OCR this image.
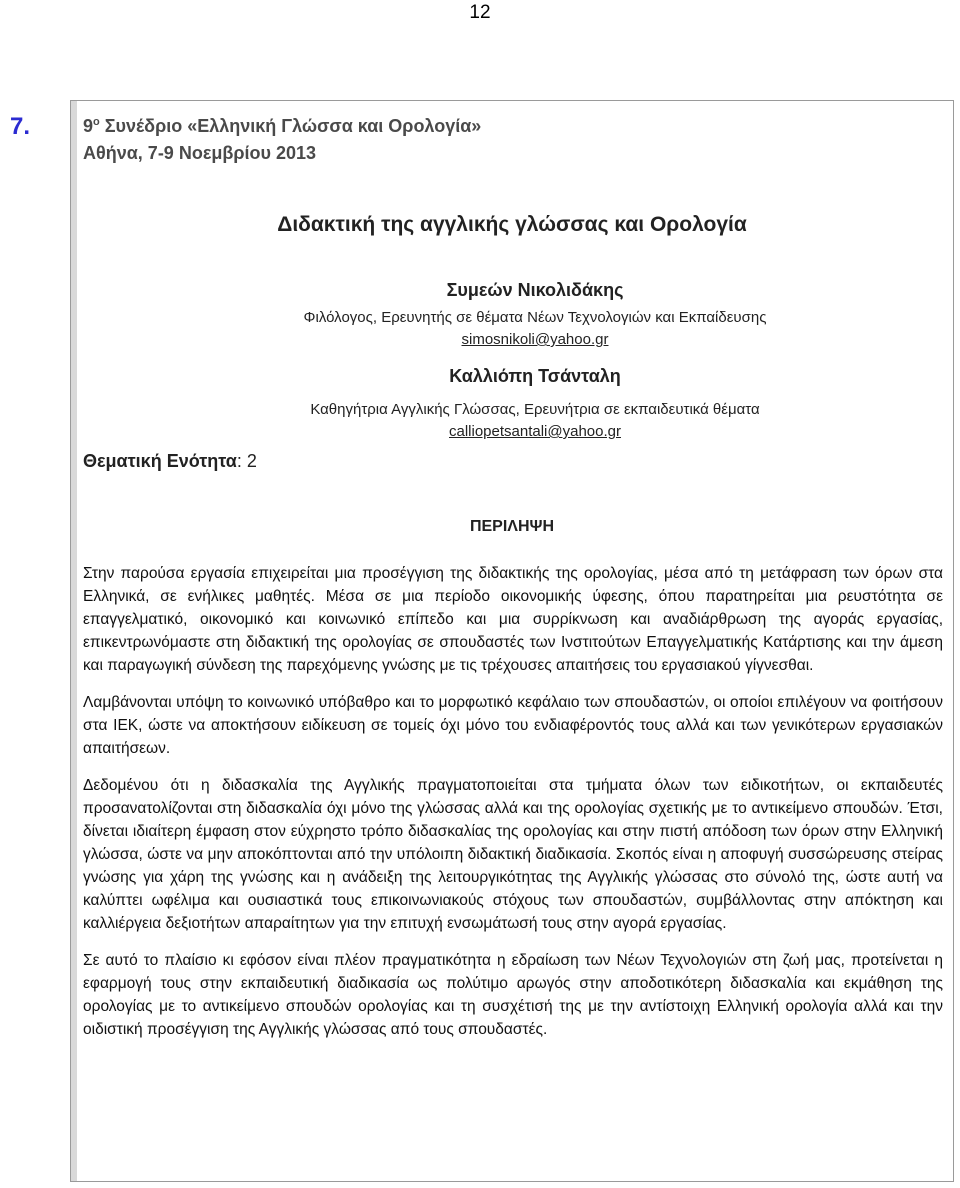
12
7.	$9^o$ Συνέδριο «Ελληνική Γλώσσα και Ορολογία»
Αθήνα, 7-9 Νοεμβρίου 2013
Διδακτική της αγγλικής γλώσσας και Ορολογία
Συμεών Νικολιδάκης
Φιλόλογος, Ερευνητής σε θέματα Νέων Τεχνολογιών και Εκπαίδευσης
simosnikoli@yahoo.gr
Καλλιόπη Τσάνταλη
Καθηγήτρια Αγγλικής Γλώσσας, Ερευνήτρια σε εκπαιδευτικά θέματα
calliopetsantali@yahoo.gr
Θεματική Ενότητα: 2
ΠΕΡΙΛΗΨΗ

Στην παρούσα εργασία επιχειρείται μια προσέγγιση της διδακτικής της ορολογίας, μέσα από τη μετάφραση των όρων στα Ελληνικά, σε ενήλικες μαθητές. Μέσα σε μια περίοδο οικονομικής ύφεσης, όπου παρατηρείται μια ρευστότητα σε επαγγελματικό, οικονομικό και κοινωνικό επίπεδο και μια συρρίκνωση και αναδιάρθρωση της αγοράς εργασίας, επικεντρωνόμαστε στη διδακτική της ορολογίας σε σπουδαστές των Ινστιτούτων Επαγγελματικής Κατάρτισης και την άμεση και παραγωγική σύνδεση της παρεχόμενης γνώσης με τις τρέχουσες απαιτήσεις του εργασιακού γίγνεσθαι.

Λαμβάνονται υπόψη το κοινωνικό υπόβαθρο και το μορφωτικό κεφάλαιο των σπουδαστών, οι οποίοι επιλέγουν να φοιτήσουν στα ΙΕΚ, ώστε να αποκτήσουν ειδίκευση σε τομείς όχι μόνο του ενδιαφέροντός τους αλλά και των γενικότερων εργασιακών απαιτήσεων.

Δεδομένου ότι η διδασκαλία της Αγγλικής πραγματοποιείται στα τμήματα όλων των ειδικοτήτων, οι εκπαιδευτές προσανατολίζονται στη διδασκαλία όχι μόνο της γλώσσας αλλά και της ορολογίας σχετικής με το αντικείμενο σπουδών. Έτσι, δίνεται ιδιαίτερη έμφαση στον εύχρηστο τρόπο διδασκαλίας της ορολογίας και στην πιστή απόδοση των όρων στην Ελληνική γλώσσα, ώστε να μην αποκόπτονται από την υπόλοιπη διδακτική διαδικασία. Σκοπός είναι η αποφυγή συσσώρευσης στείρας γνώσης για χάρη της γνώσης και η ανάδειξη της λειτουργικότητας της Αγγλικής γλώσσας στο σύνολό της, ώστε αυτή να καλύπτει ωφέλιμα και ουσιαστικά τους επικοινωνιακούς στόχους των σπουδαστών, συμβάλλοντας στην απόκτηση και καλλιέργεια δεξιοτήτων απαραίτητων για την επιτυχή ενσωμάτωσή τους στην αγορά εργασίας.

Σε αυτό το πλαίσιο κι εφόσον είναι πλέον πραγματικότητα η εδραίωση των Νέων Τεχνολογιών στη ζωή μας, προτείνεται η εφαρμογή τους στην εκπαιδευτική διαδικασία ως πολύτιμο αρωγός στην αποδοτικότερη διδασκαλία και εκμάθηση της ορολογίας με το αντικείμενο σπουδών ορολογίας και τη συσχέτισή της με την αντίστοιχη Ελληνική ορολογία αλλά και την οιδιστική προσέγγιση της Αγγλικής γλώσσας από τους σπουδαστές.
